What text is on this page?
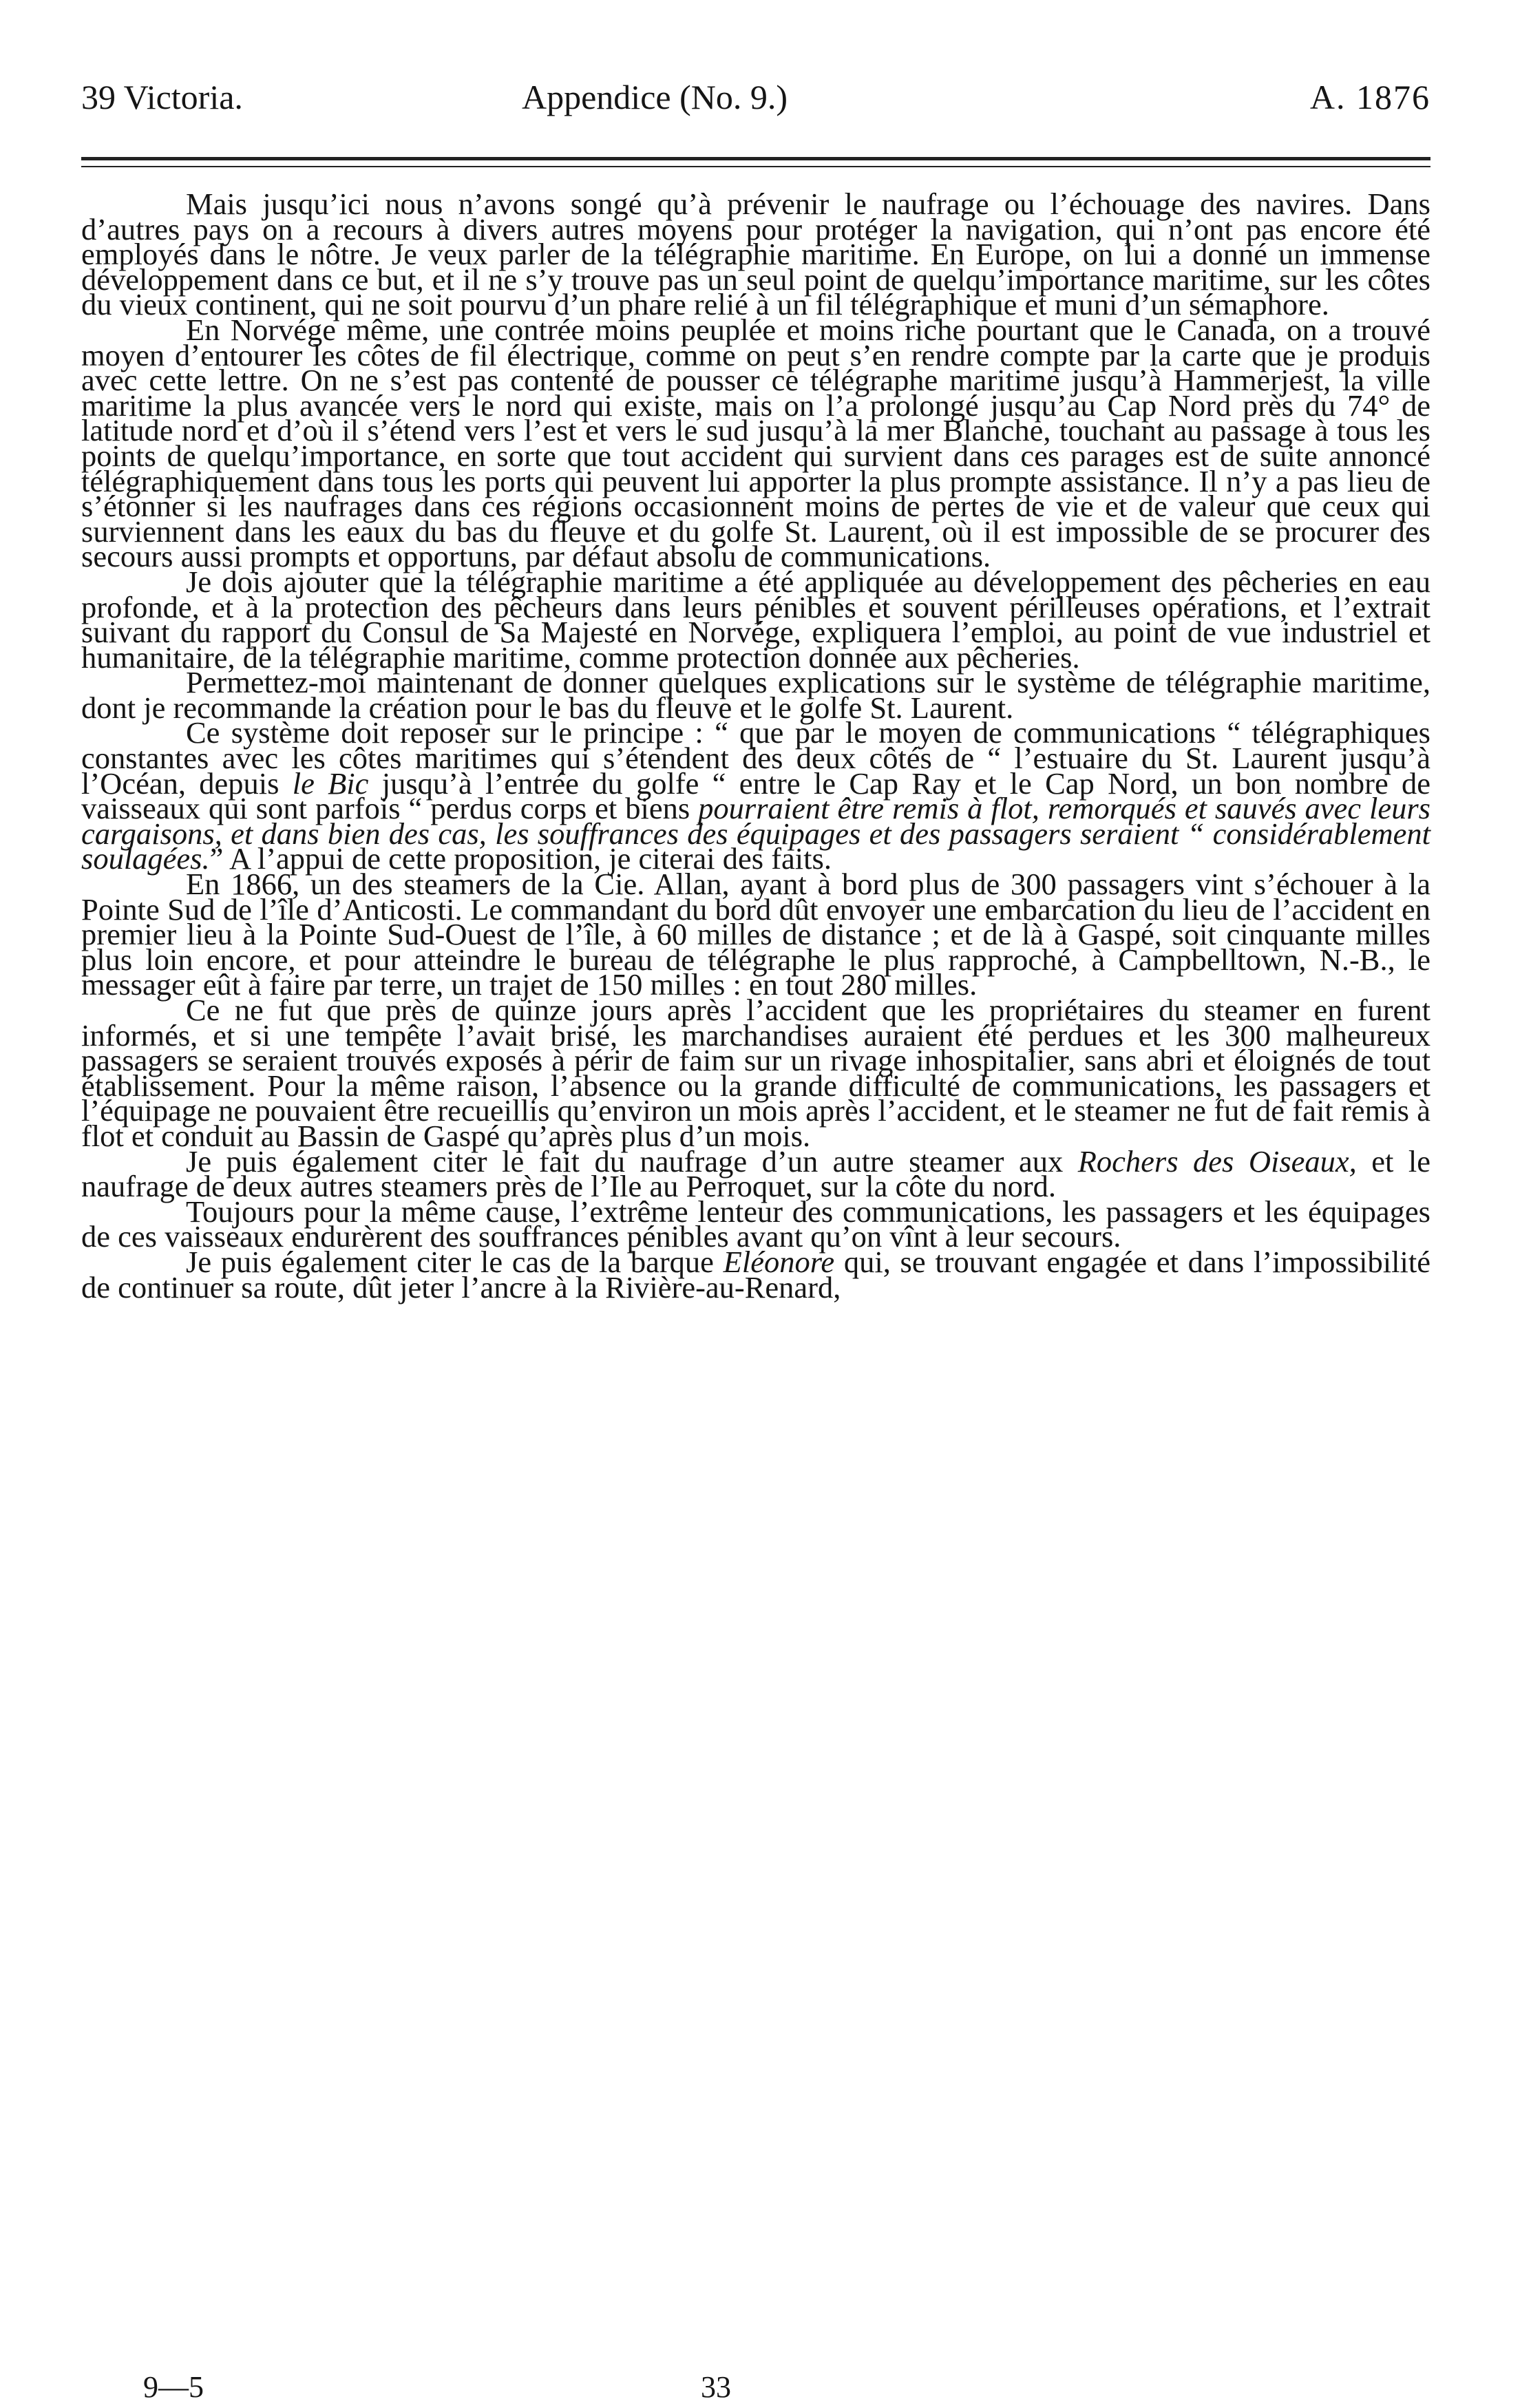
39 Victoria.	Appendice (No. 9.)	A. 1876

Mais jusqu’ici nous n’avons songé qu’à prévenir le naufrage ou l’échouage des navires. Dans d’autres pays on a recours à divers autres moyens pour protéger la navigation, qui n’ont pas encore été employés dans le nôtre. Je veux parler de la télégraphie maritime. En Europe, on lui a donné un immense développement dans ce but, et il ne s’y trouve pas un seul point de quelqu’importance maritime, sur les côtes du vieux continent, qui ne soit pourvu d’un phare relié à un fil télégraphique et muni d’un sémaphore.

En Norvége même, une contrée moins peuplée et moins riche pourtant que le Canada, on a trouvé moyen d’entourer les côtes de fil électrique, comme on peut s’en rendre compte par la carte que je produis avec cette lettre. On ne s’est pas contenté de pousser ce télégraphe maritime jusqu’à Hammerjest, la ville maritime la plus avancée vers le nord qui existe, mais on l’a prolongé jusqu’au Cap Nord près du 74° de latitude nord et d’où il s’étend vers l’est et vers le sud jusqu’à la mer Blanche, touchant au passage à tous les points de quelqu’importance, en sorte que tout accident qui survient dans ces parages est de suite annoncé télégraphiquement dans tous les ports qui peuvent lui apporter la plus prompte assistance. Il n’y a pas lieu de s’étonner si les naufrages dans ces régions occasionnent moins de pertes de vie et de valeur que ceux qui surviennent dans les eaux du bas du fleuve et du golfe St. Laurent, où il est impossible de se procurer des secours aussi prompts et opportuns, par défaut absolu de communications.

Je dois ajouter que la télégraphie maritime a été appliquée au développement des pêcheries en eau profonde, et à la protection des pêcheurs dans leurs pénibles et souvent périlleuses opérations, et l’extrait suivant du rapport du Consul de Sa Majesté en Norvége, expliquera l’emploi, au point de vue industriel et humanitaire, de la télégraphie maritime, comme protection donnée aux pêcheries.

Permettez-moi maintenant de donner quelques explications sur le système de télégraphie maritime, dont je recommande la création pour le bas du fleuve et le golfe St. Laurent.

Ce système doit reposer sur le principe : “ que par le moyen de communications “ télégraphiques constantes avec les côtes maritimes qui s’étendent des deux côtés de “ l’estuaire du St. Laurent jusqu’à l’Océan, depuis le Bic jusqu’à l’entrée du golfe “ entre le Cap Ray et le Cap Nord, un bon nombre de vaisseaux qui sont parfois “ perdus corps et biens pourraient être remis à flot, remorqués et sauvés avec leurs cargaisons, et dans bien des cas, les souffrances des équipages et des passagers seraient “ considérablement soulagées.” A l’appui de cette proposition, je citerai des faits.

En 1866, un des steamers de la Cie. Allan, ayant à bord plus de 300 passagers vint s’échouer à la Pointe Sud de l’île d’Anticosti. Le commandant du bord dût envoyer une embarcation du lieu de l’accident en premier lieu à la Pointe Sud-Ouest de l’île, à 60 milles de distance ; et de là à Gaspé, soit cinquante milles plus loin encore, et pour atteindre le bureau de télégraphe le plus rapproché, à Campbelltown, N.-B., le messager eût à faire par terre, un trajet de 150 milles : en tout 280 milles.

Ce ne fut que près de quinze jours après l’accident que les propriétaires du steamer en furent informés, et si une tempête l’avait brisé, les marchandises auraient été perdues et les 300 malheureux passagers se seraient trouvés exposés à périr de faim sur un rivage inhospitalier, sans abri et éloignés de tout établissement. Pour la même raison, l’absence ou la grande difficulté de communications, les passagers et l’équipage ne pouvaient être recueillis qu’environ un mois après l’accident, et le steamer ne fut de fait remis à flot et conduit au Bassin de Gaspé qu’après plus d’un mois.

Je puis également citer le fait du naufrage d’un autre steamer aux Rochers des Oiseaux, et le naufrage de deux autres steamers près de l’Ile au Perroquet, sur la côte du nord.

Toujours pour la même cause, l’extrême lenteur des communications, les passagers et les équipages de ces vaisseaux endurèrent des souffrances pénibles avant qu’on vînt à leur secours.

Je puis également citer le cas de la barque Eléonore qui, se trouvant engagée et dans l’impossibilité de continuer sa route, dût jeter l’ancre à la Rivière-au-Renard,

9—5	33
